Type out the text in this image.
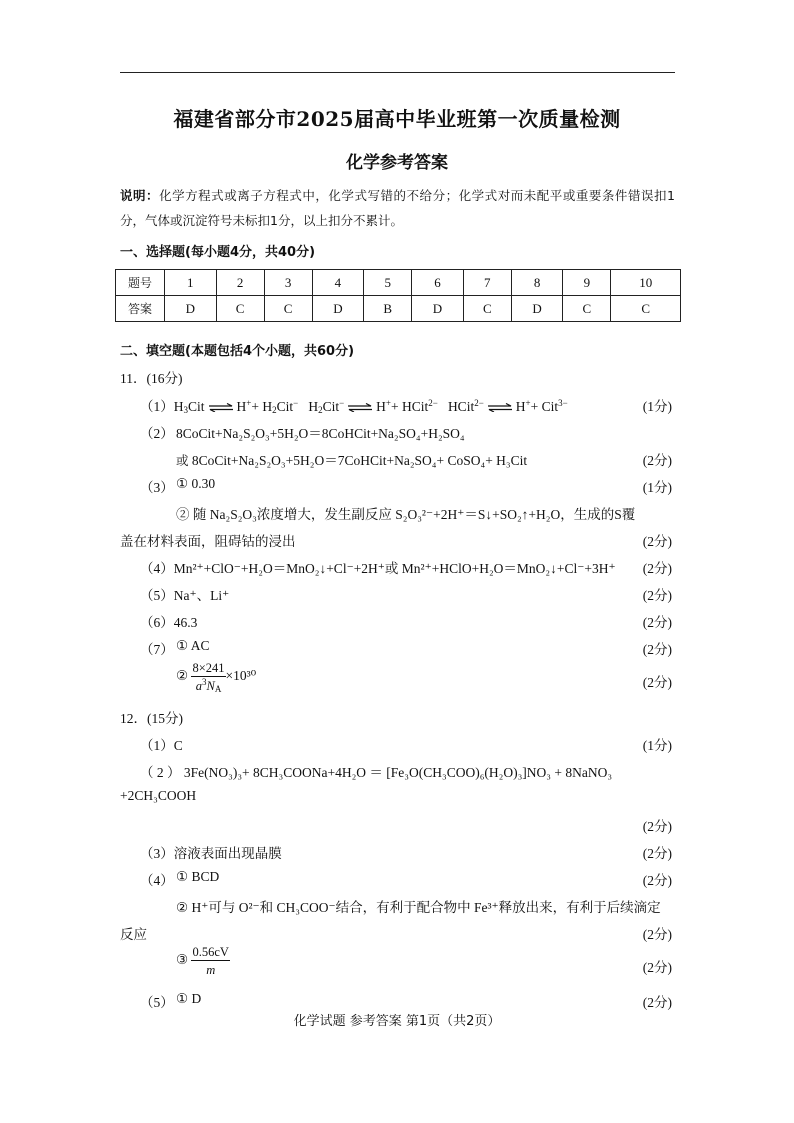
福建省部分市2025届高中毕业班第一次质量检测
化学参考答案
说明：化学方程式或离子方程式中，化学式写错的不给分；化学式对而未配平或重要条件错误扣1分，气体或沉淀符号未标扣1分，以上扣分不累计。
一、选择题(每小题4分，共40分)
题号	1	2	3	4	5	6	7	8	9	10
答案	D	C	C	D	B	D	C	D	C	C
二、填空题(本题包括4个小题，共60分)
11．(16分)
$(1)H_3Cit$ ⇌ $H^++ H_2Cit^-$   $H_2Cit^-$ ⇌ H++ HCit$^{2-}$   HCit$^{2-}$ ⇌ H++ Cit$^{3-}$	(1分)
（2） 8CoCit+Na₂S₂O₃+5H₂O＝8CoHCit+Na₂SO₄+H₂SO₄
或 8CoCit+Na₂S₂O₃+5H₂O＝7CoHCit+Na₂SO₄+ CoSO₄+ H₃Cit	(2分)
（3） ① 0.30	(1分)
② 随 Na₂S₂O₃浓度增大，发生副反应 S₂O₃²⁻+2H⁺＝S↓+SO₂↑+H₂O，生成的S覆
盖在材料表面，阻碍钴的浸出	(2分)
（4）Mn²⁺+ClO⁻+H₂O＝MnO₂↓+Cl⁻+2H⁺或 Mn²⁺+HClO+H₂O＝MnO₂↓+Cl⁻+3H⁺ (2分)
（5）Na⁺、Li⁺	(2分)
（6）46.3	(2分)
（7） ① AC	(2分)
② $\frac{8\times 241}{a^3N_A} \times 10^{30}$	(2分)
12．(15分)
（1）C	(1分)
（ 2 ） 3Fe(NO₃)₃+ 8CH₃COONa+4H₂O ＝ [Fe₃O(CH₃COO)₆(H₂O)₃]NO₃ + 8NaNO₃
+2CH₃COOH
(2分)
（3）溶液表面出现晶膜	(2分)
（4） ① BCD	(2分)
② H⁺可与 O²⁻和 CH₃COO⁻结合，有利于配合物中 Fe³⁺释放出来，有利于后续滴定
反应	(2分)
③ $\frac{0.56cV}{m}$	(2分)
（5） ① D	(2分)
化学试题 参考答案 第1页（共2页）
